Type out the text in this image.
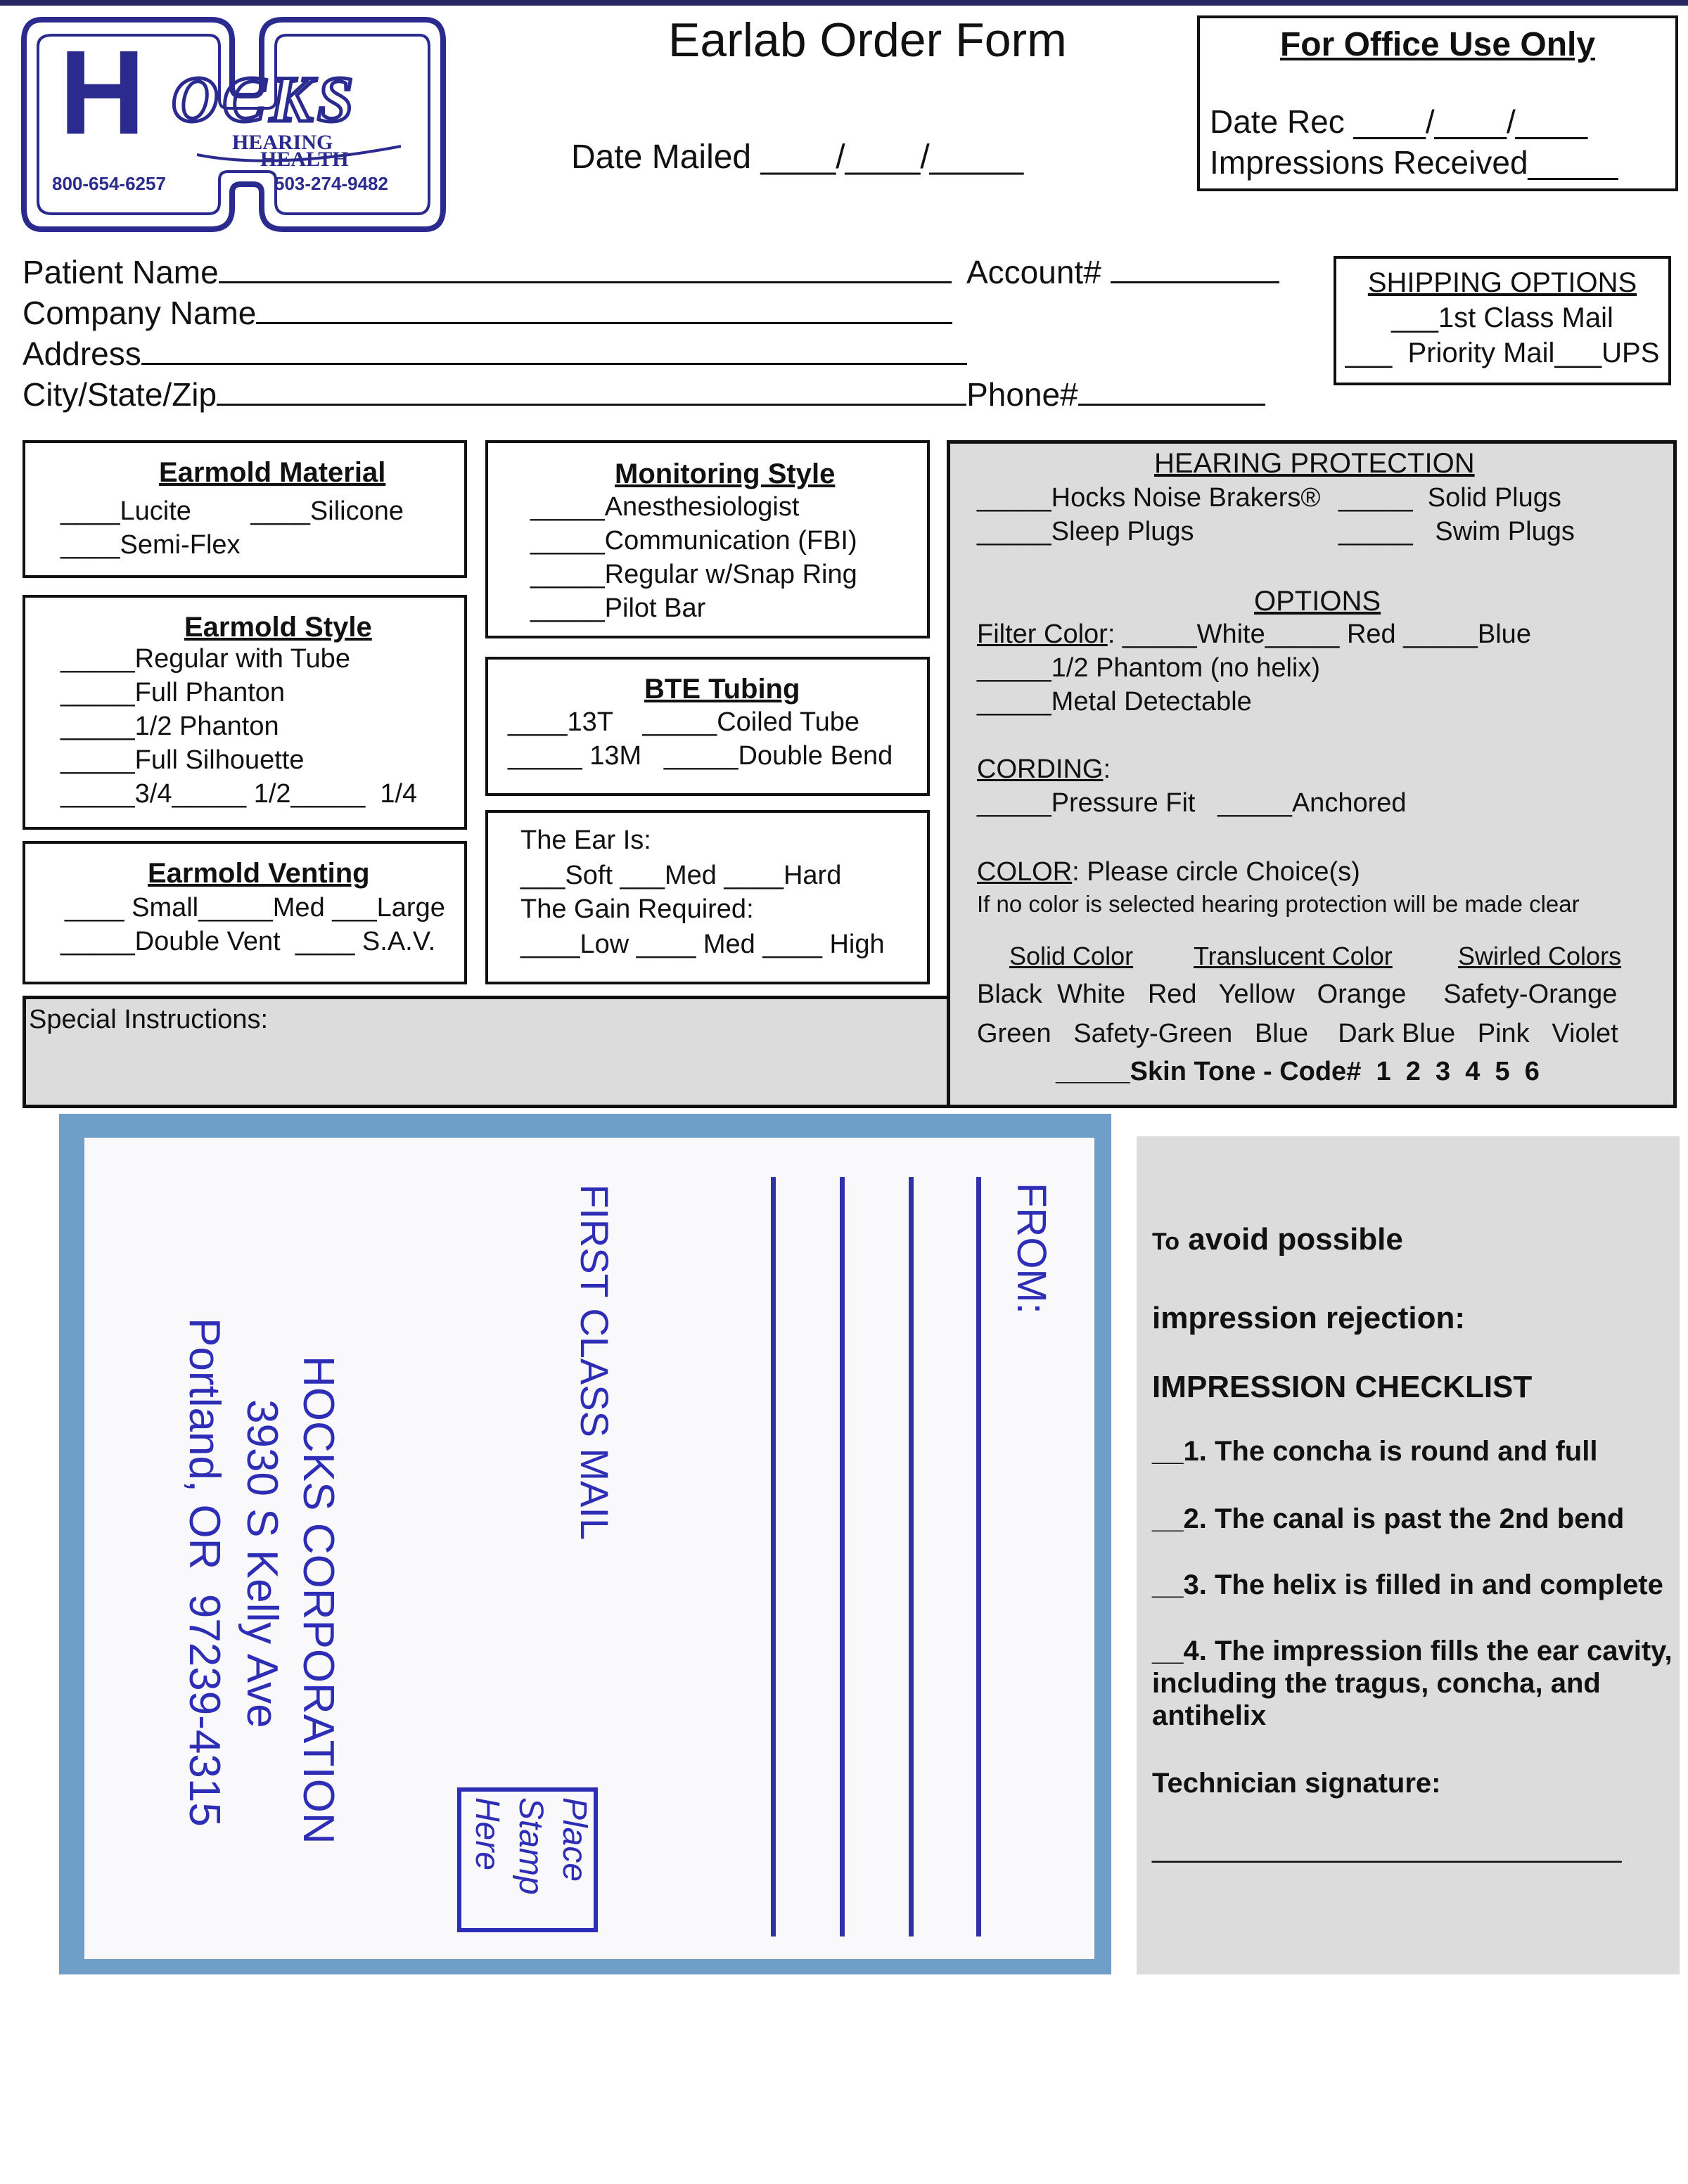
H OCKS
HEARING
HEALTH
800-654-6257	503-274-9482
Earlab Order Form
Date Mailed ____/____/_____
For Office Use Only
Date Rec ____/____/____
Impressions Received_____
Patient Name	Account#
Company Name
Address
City/State/Zip	Phone#
SHIPPING OPTIONS
___1st Class Mail
___  Priority Mail___UPS
Earmold Material
____Lucite        ____Silicone
____Semi-Flex
Earmold Style
_____Regular with Tube
_____Full Phanton
_____1/2 Phanton
_____Full Silhouette
_____3/4_____ 1/2_____  1/4
Earmold Venting
____ Small_____Med ___Large
_____Double Vent  ____ S.A.V.
Monitoring Style
_____Anesthesiologist
_____Communication (FBI)
_____Regular w/Snap Ring
_____Pilot Bar
BTE Tubing
____13T    _____Coiled Tube
_____ 13M   _____Double Bend
The Ear Is:
___Soft ___Med ____Hard
The Gain Required:
____Low ____ Med ____ High
Special Instructions:
HEARING PROTECTION
_____Hocks Noise Brakers® _____  Solid Plugs
_____Sleep Plugs	_____   Swim Plugs
OPTIONS
Filter Color: _____White_____ Red _____Blue
_____1/2 Phantom (no helix)
_____Metal Detectable
CORDING:
_____Pressure Fit   _____Anchored
COLOR: Please circle Choice(s)
If no color is selected hearing protection will be made clear
Solid Color Translucent Color	Swirled Colors
Black  White   Red   Yellow   Orange     Safety-Orange
Green   Safety-Green   Blue    Dark Blue   Pink   Violet
_____Skin Tone - Code#  1  2  3  4  5  6
FROM:
FIRST CLASS MAIL
HOCKS CORPORATION
3930 S Kelly Ave
Portland, OR  97239-4315
Place
Stamp
Here
To avoid possible
impression rejection:
IMPRESSION CHECKLIST
__1. The concha is round and full
__2. The canal is past the 2nd bend
__3. The helix is filled in and complete
__4. The impression fills the ear cavity,
including the tragus, concha, and
antihelix
Technician signature:
______________________________
